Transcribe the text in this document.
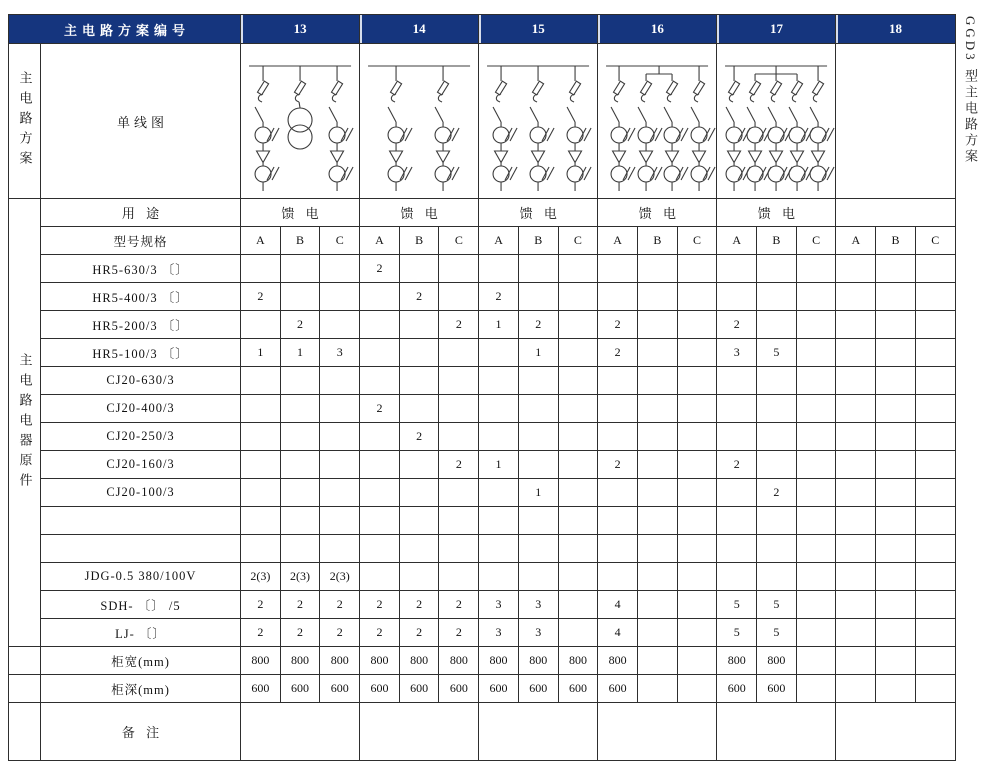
主电路方案编号		13			14			15			16			17			18		
主电路方案	单线图	

主电路电器原件	用 途	馈 电			馈 电			馈 电			馈 电			馈 电					
	型号规格	A	B	C	A	B	C	A	B	C	A	B	C	A	B	C	A	B	C
	HR5-630/3 〔〕				2														
	HR5-400/3 〔〕	2				2		2											
	HR5-200/3 〔〕		2				2	1	2		2			2					
	HR5-100/3 〔〕	1	1	3					1		2			3	5				
	CJ20-630/3																		
	CJ20-400/3				2														
	CJ20-250/3					2													
	CJ20-160/3						2	1			2			2					
	CJ20-100/3								1						2				

	JDG-0.5 380/100V	2(3)	2(3)	2(3)															
	SDH- 〔〕 /5	2	2	2	2	2	2	3	3		4			5	5				
	LJ- 〔〕	2	2	2	2	2	2	3	3		4			5	5				
	柜宽(mm)	800	800	800	800	800	800	800	800	800	800			800	800				
	柜深(mm)	600	600	600	600	600	600	600	600	600	600			600	600				
	备 注																		
GGD3 型主电路方案
